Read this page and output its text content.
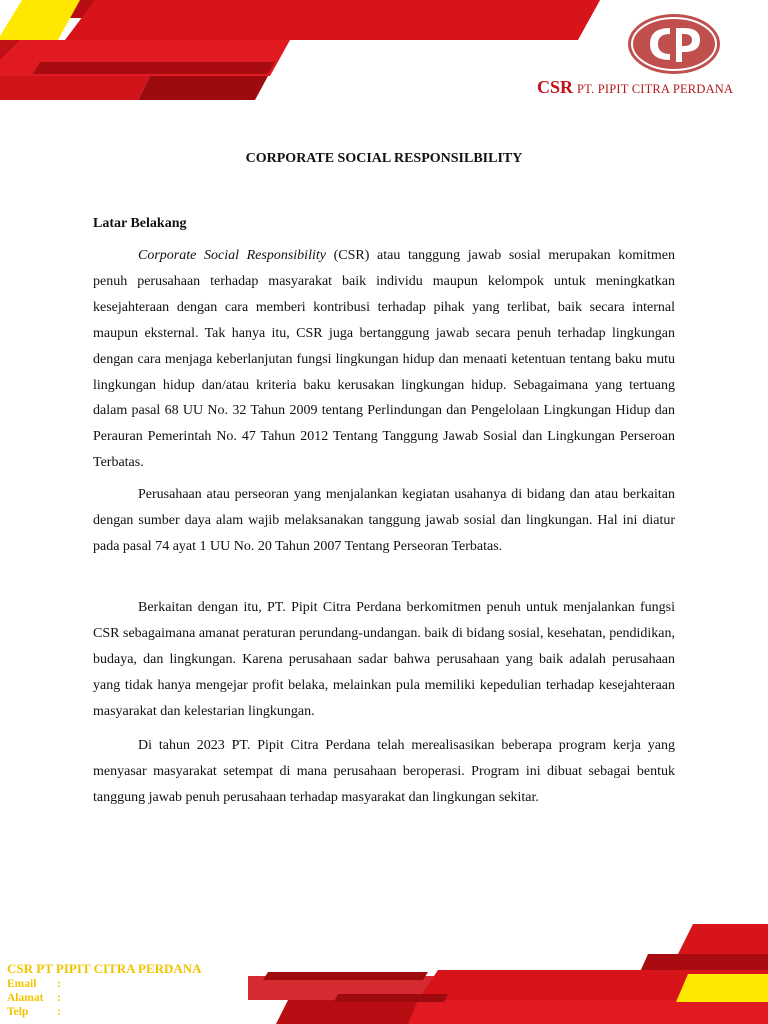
CSR PT. PIPIT CITRA PERDANA
CORPORATE SOCIAL RESPONSILBILITY
Latar Belakang

Corporate Social Responsibility (CSR) atau tanggung jawab sosial merupakan komitmen penuh perusahaan terhadap masyarakat baik individu maupun kelompok untuk meningkatkan kesejahteraan dengan cara memberi kontribusi terhadap pihak yang terlibat, baik secara internal maupun eksternal. Tak hanya itu, CSR juga bertanggung jawab secara penuh terhadap lingkungan dengan cara menjaga keberlanjutan fungsi lingkungan hidup dan menaati ketentuan tentang baku mutu lingkungan hidup dan/atau kriteria baku kerusakan lingkungan hidup. Sebagaimana yang tertuang dalam pasal 68 UU No. 32 Tahun 2009 tentang Perlindungan dan Pengelolaan Lingkungan Hidup dan Perauran Pemerintah No. 47 Tahun 2012 Tentang Tanggung Jawab Sosial dan Lingkungan Perseroan Terbatas.

Perusahaan atau perseoran yang menjalankan kegiatan usahanya di bidang dan atau berkaitan dengan sumber daya alam wajib melaksanakan tanggung jawab sosial dan lingkungan. Hal ini diatur pada pasal 74 ayat 1 UU No. 20 Tahun 2007 Tentang Perseoran Terbatas.

Berkaitan dengan itu, PT. Pipit Citra Perdana berkomitmen penuh untuk menjalankan fungsi CSR sebagaimana amanat peraturan perundang-undangan. baik di bidang sosial, kesehatan, pendidikan, budaya, dan lingkungan. Karena perusahaan sadar bahwa perusahaan yang baik adalah perusahaan yang tidak hanya mengejar profit belaka, melainkan pula memiliki kepedulian terhadap kesejahteraan masyarakat dan kelestarian lingkungan.

Di tahun 2023 PT. Pipit Citra Perdana telah merealisasikan beberapa program kerja yang menyasar masyarakat setempat di mana perusahaan beroperasi. Program ini dibuat sebagai bentuk tanggung jawab penuh perusahaan terhadap masyarakat dan lingkungan sekitar.

CSR PT PIPIT CITRA PERDANA
Email :
Alamat :
Telp :
